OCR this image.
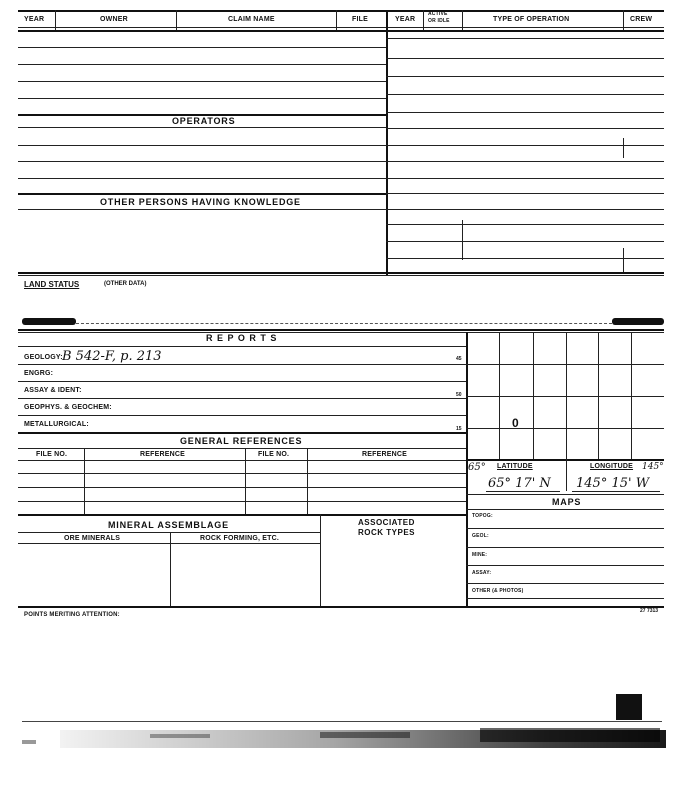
YEAR	OWNER	CLAIM NAME	FILE	YEAR
ACTIVE
OR IDLE	TYPE OF OPERATION	CREW
OPERATORS
OTHER PERSONS HAVING KNOWLEDGE
LAND STATUS	(OTHER DATA)
R E P O R T S
GEOLOGY: B 542-F, p. 213	45
ENGRG:
ASSAY & IDENT:
50
GEOPHYS. & GEOCHEM:
METALLURGICAL:
15
GENERAL REFERENCES
FILE NO.	REFERENCE	FILE NO.	REFERENCE
0
65° LATITUDE	LONGITUDE 145°
65° 17' N 145° 15' W
MAPS
TOPOG:
GEOL:
MINE:
ASSAY:
OTHER (& PHOTOS)
MINERAL ASSEMBLAGE
ORE MINERALS	ROCK FORMING, ETC.
ASSOCIATED
ROCK TYPES
POINTS MERITING ATTENTION:
27 7313
